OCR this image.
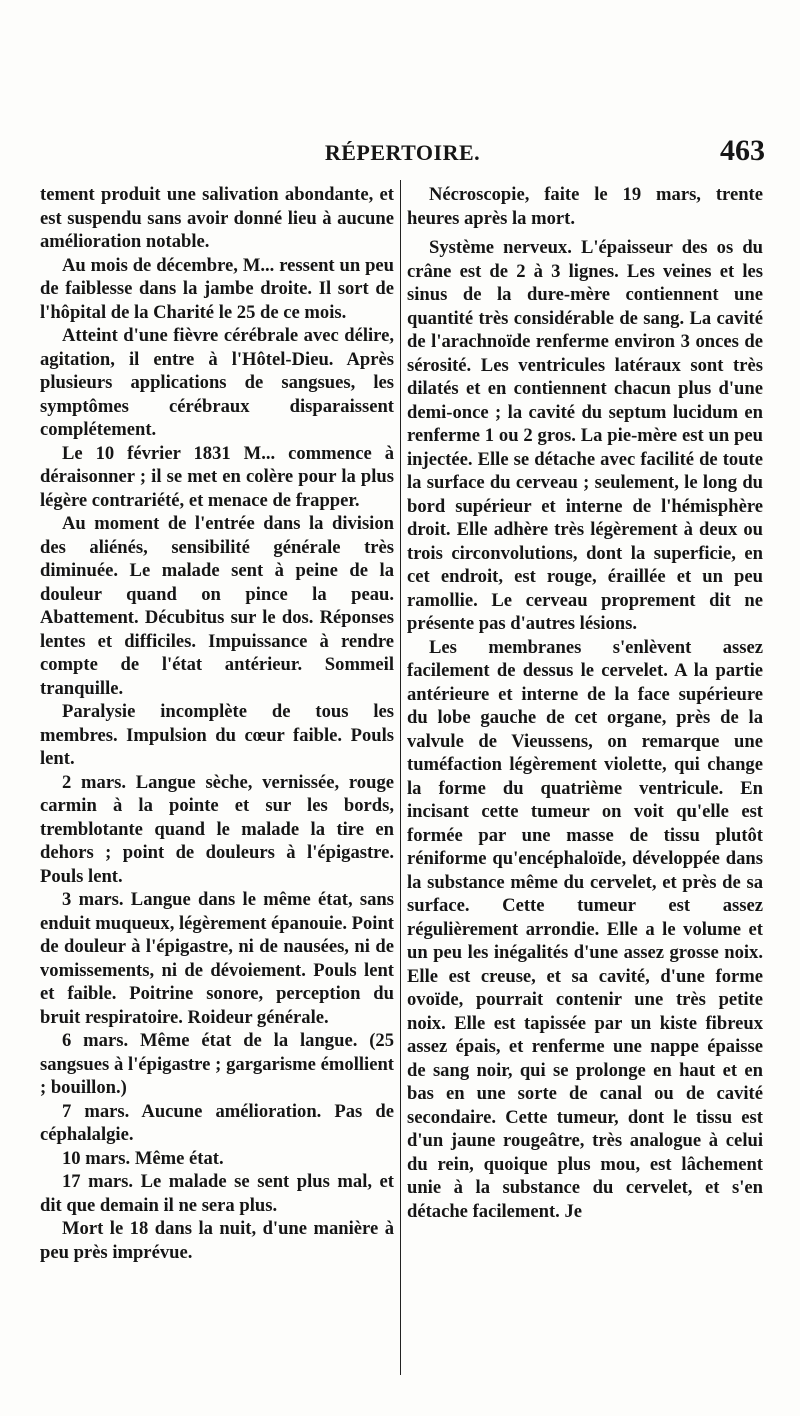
RÉPERTOIRE.	463

tement produit une salivation abondante, et est suspendu sans avoir donné lieu à aucune amélioration notable.

Au mois de décembre, M... ressent un peu de faiblesse dans la jambe droite. Il sort de l'hôpital de la Charité le 25 de ce mois.

Atteint d'une fièvre cérébrale avec délire, agitation, il entre à l'Hôtel-Dieu. Après plusieurs applications de sangsues, les symptômes cérébraux disparaissent complétement.

Le 10 février 1831 M... commence à déraisonner ; il se met en colère pour la plus légère contrariété, et menace de frapper.

Au moment de l'entrée dans la division des aliénés, sensibilité générale très diminuée. Le malade sent à peine de la douleur quand on pince la peau. Abattement. Décubitus sur le dos. Réponses lentes et difficiles. Impuissance à rendre compte de l'état antérieur. Sommeil tranquille.

Paralysie incomplète de tous les membres. Impulsion du cœur faible. Pouls lent.

2 mars. Langue sèche, vernissée, rouge carmin à la pointe et sur les bords, tremblotante quand le malade la tire en dehors ; point de douleurs à l'épigastre. Pouls lent.

3 mars. Langue dans le même état, sans enduit muqueux, légèrement épanouie. Point de douleur à l'épigastre, ni de nausées, ni de vomissements, ni de dévoiement. Pouls lent et faible. Poitrine sonore, perception du bruit respiratoire. Roideur générale.

6 mars. Même état de la langue. (25 sangsues à l'épigastre ; gargarisme émollient ; bouillon.)

7 mars. Aucune amélioration. Pas de céphalalgie.

10 mars. Même état.

17 mars. Le malade se sent plus mal, et dit que demain il ne sera plus.

Mort le 18 dans la nuit, d'une manière à peu près imprévue.

Nécroscopie, faite le 19 mars, trente heures après la mort.

Système nerveux. L'épaisseur des os du crâne est de 2 à 3 lignes. Les veines et les sinus de la dure-mère contiennent une quantité très considérable de sang. La cavité de l'arachnoïde renferme environ 3 onces de sérosité. Les ventricules latéraux sont très dilatés et en contiennent chacun plus d'une demi-once ; la cavité du septum lucidum en renferme 1 ou 2 gros. La pie-mère est un peu injectée. Elle se détache avec facilité de toute la surface du cerveau ; seulement, le long du bord supérieur et interne de l'hémisphère droit. Elle adhère très légèrement à deux ou trois circonvolutions, dont la superficie, en cet endroit, est rouge, éraillée et un peu ramollie. Le cerveau proprement dit ne présente pas d'autres lésions.

Les membranes s'enlèvent assez facilement de dessus le cervelet. A la partie antérieure et interne de la face supérieure du lobe gauche de cet organe, près de la valvule de Vieussens, on remarque une tuméfaction légèrement violette, qui change la forme du quatrième ventricule. En incisant cette tumeur on voit qu'elle est formée par une masse de tissu plutôt réniforme qu'encéphaloïde, développée dans la substance même du cervelet, et près de sa surface. Cette tumeur est assez régulièrement arrondie. Elle a le volume et un peu les inégalités d'une assez grosse noix. Elle est creuse, et sa cavité, d'une forme ovoïde, pourrait contenir une très petite noix. Elle est tapissée par un kiste fibreux assez épais, et renferme une nappe épaisse de sang noir, qui se prolonge en haut et en bas en une sorte de canal ou de cavité secondaire. Cette tumeur, dont le tissu est d'un jaune rougeâtre, très analogue à celui du rein, quoique plus mou, est lâchement unie à la substance du cervelet, et s'en détache facilement. Je
